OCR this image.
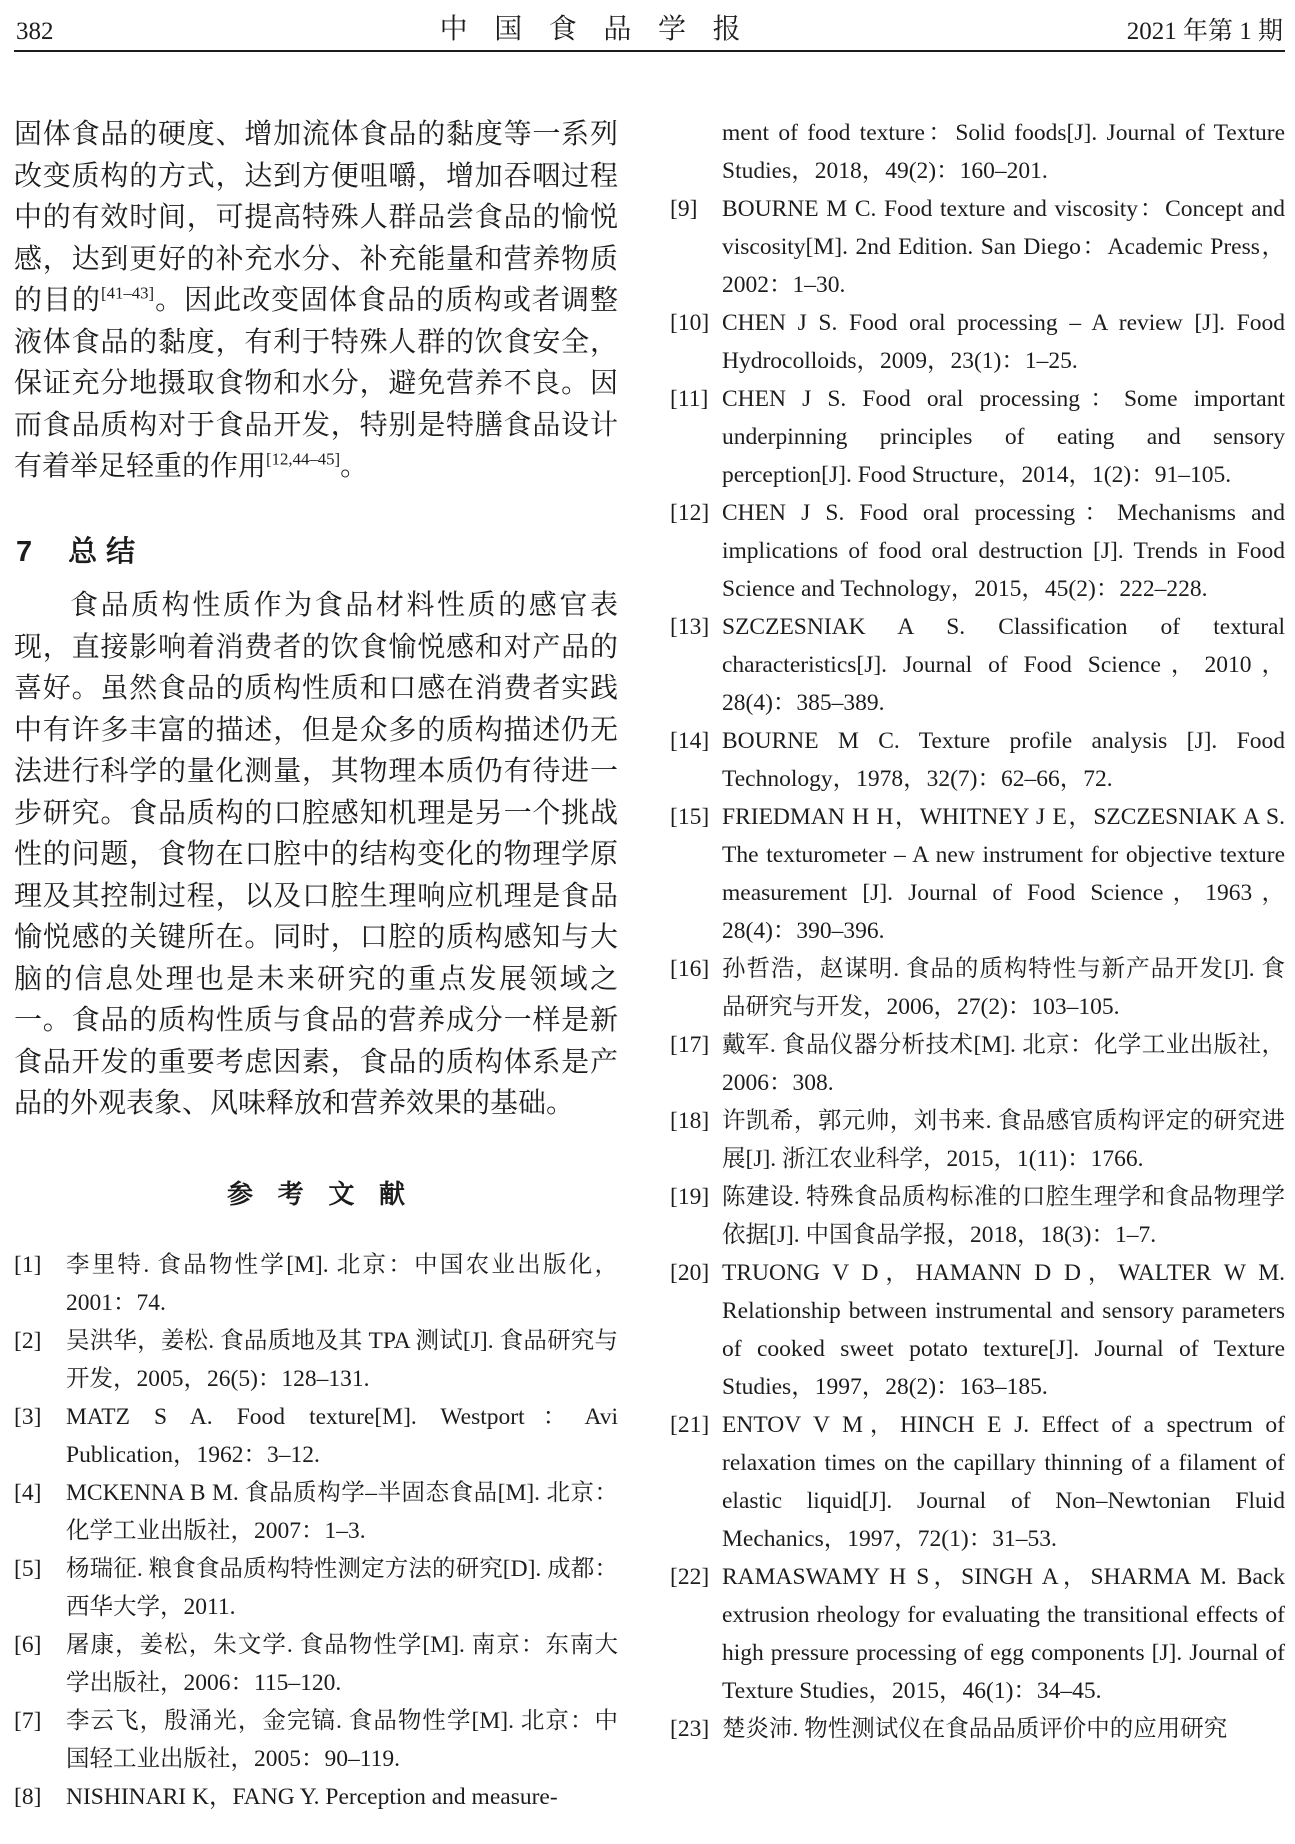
382	中国食品学报	2021 年第 1 期

固体食品的硬度、增加流体食品的黏度等一系列改变质构的方式，达到方便咀嚼，增加吞咽过程中的有效时间，可提高特殊人群品尝食品的愉悦感，达到更好的补充水分、补充能量和营养物质的目的[41–43]。因此改变固体食品的质构或者调整液体食品的黏度，有利于特殊人群的饮食安全，保证充分地摄取食物和水分，避免营养不良。因而食品质构对于食品开发，特别是特膳食品设计有着举足轻重的作用[12,44–45]。

7 总结

食品质构性质作为食品材料性质的感官表现，直接影响着消费者的饮食愉悦感和对产品的喜好。虽然食品的质构性质和口感在消费者实践中有许多丰富的描述，但是众多的质构描述仍无法进行科学的量化测量，其物理本质仍有待进一步研究。食品质构的口腔感知机理是另一个挑战性的问题，食物在口腔中的结构变化的物理学原理及其控制过程，以及口腔生理响应机理是食品愉悦感的关键所在。同时，口腔的质构感知与大脑的信息处理也是未来研究的重点发展领域之一。食品的质构性质与食品的营养成分一样是新食品开发的重要考虑因素，食品的质构体系是产品的外观表象、风味释放和营养效果的基础。

参考文献
[1] 李里特. 食品物性学[M]. 北京：中国农业出版化，2001：74.
[2] 吴洪华，姜松. 食品质地及其 TPA 测试[J]. 食品研究与开发，2005，26(5)：128–131.
[3] MATZ S A. Food texture[M]. Westport：Avi Publication，1962：3–12.
[4] MCKENNA B M. 食品质构学–半固态食品[M]. 北京：化学工业出版社，2007：1–3.
[5] 杨瑞征. 粮食食品质构特性测定方法的研究[D]. 成都：西华大学，2011.
[6] 屠康，姜松，朱文学. 食品物性学[M]. 南京：东南大学出版社，2006：115–120.
[7] 李云飞，殷涌光，金完镐. 食品物性学[M]. 北京：中国轻工业出版社，2005：90–119.
[8] NISHINARI K，FANG Y. Perception and measure-
ment of food texture：Solid foods[J]. Journal of Texture Studies，2018，49(2)：160–201.
[9] BOURNE M C. Food texture and viscosity：Concept and viscosity[M]. 2nd Edition. San Diego：Academic Press，2002：1–30.
[10] CHEN J S. Food oral processing – A review [J]. Food Hydrocolloids，2009，23(1)：1–25.
[11] CHEN J S. Food oral processing：Some important underpinning principles of eating and sensory perception[J]. Food Structure，2014，1(2)：91–105.
[12] CHEN J S. Food oral processing：Mechanisms and implications of food oral destruction [J]. Trends in Food Science and Technology，2015，45(2)：222–228.
[13] SZCZESNIAK A S. Classification of textural characteristics[J]. Journal of Food Science，2010，28(4)：385–389.
[14] BOURNE M C. Texture profile analysis [J]. Food Technology，1978，32(7)：62–66，72.
[15] FRIEDMAN H H，WHITNEY J E，SZCZESNIAK A S. The texturometer – A new instrument for objective texture measurement [J]. Journal of Food Science，1963，28(4)：390–396.
[16] 孙哲浩，赵谋明. 食品的质构特性与新产品开发[J]. 食品研究与开发，2006，27(2)：103–105.
[17] 戴军. 食品仪器分析技术[M]. 北京：化学工业出版社，2006：308.
[18] 许凯希，郭元帅，刘书来. 食品感官质构评定的研究进展[J]. 浙江农业科学，2015，1(11)：1766.
[19] 陈建设. 特殊食品质构标准的口腔生理学和食品物理学依据[J]. 中国食品学报，2018，18(3)：1–7.
[20] TRUONG V D，HAMANN D D，WALTER W M. Relationship between instrumental and sensory parameters of cooked sweet potato texture[J]. Journal of Texture Studies，1997，28(2)：163–185.
[21] ENTOV V M，HINCH E J. Effect of a spectrum of relaxation times on the capillary thinning of a filament of elastic liquid[J]. Journal of Non–Newtonian Fluid Mechanics，1997，72(1)：31–53.
[22] RAMASWAMY H S，SINGH A，SHARMA M. Back extrusion rheology for evaluating the transitional effects of high pressure processing of egg components [J]. Journal of Texture Studies，2015，46(1)：34–45.
[23] 楚炎沛. 物性测试仪在食品品质评价中的应用研究
